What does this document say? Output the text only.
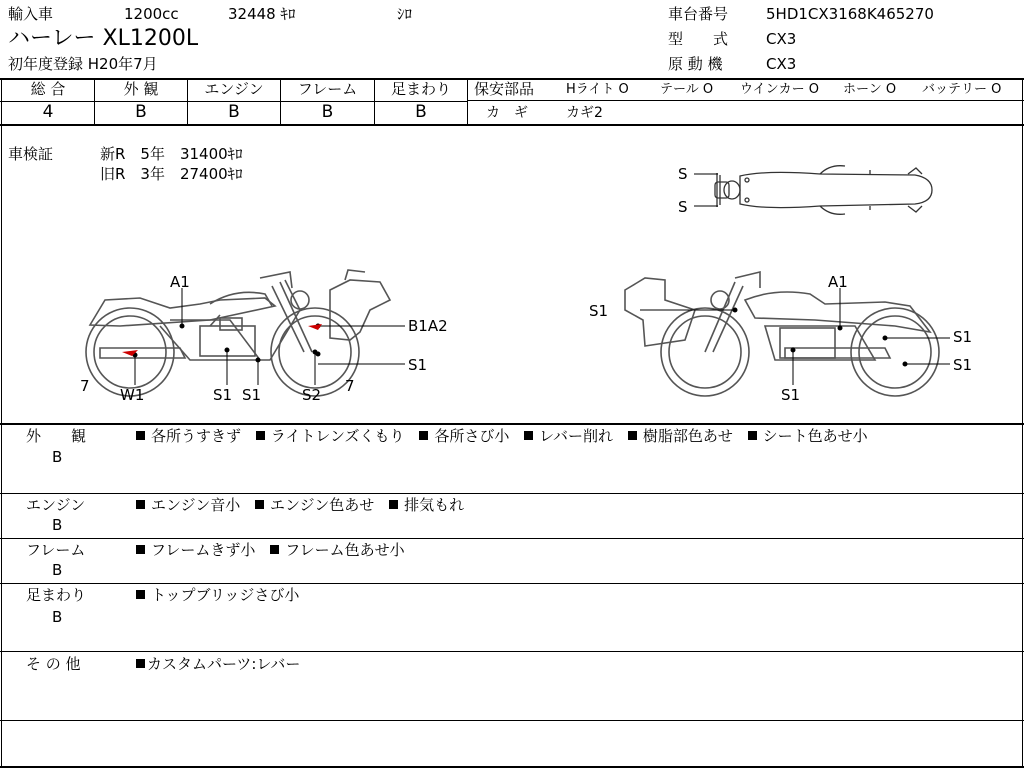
輸入車	1200cc	32448 ｷﾛ	ｼﾛ
ハーレー XL1200L
初年度登録 H20年7月
車台番号	5HD1CX3168K465270
型　　式	CX3
原 動 機	CX3
総 合	外 観	エンジン	フレーム	足まわり
4	B	B	B	B
保安部品 Hライト O テール O ウインカー O ホーン O バッテリー O
カ　ギ	カギ2
車検証	新R　5年　31400ｷﾛ
旧R　3年　27400ｷﾛ	S
S
A1
B1A2
S1
7 W1	S1 S1	S2 7
S1
A1
S1
S1
S1
外　　観
B
各所うすきず ライトレンズくもり 各所さび小 レバー削れ 樹脂部色あせ シート色あせ小
エンジン
B
エンジン音小 エンジン色あせ 排気もれ
フレーム
B
フレームきず小 フレーム色あせ小
足まわり
B
トップブリッジさび小
そ の 他	カスタムパーツ:レバー
